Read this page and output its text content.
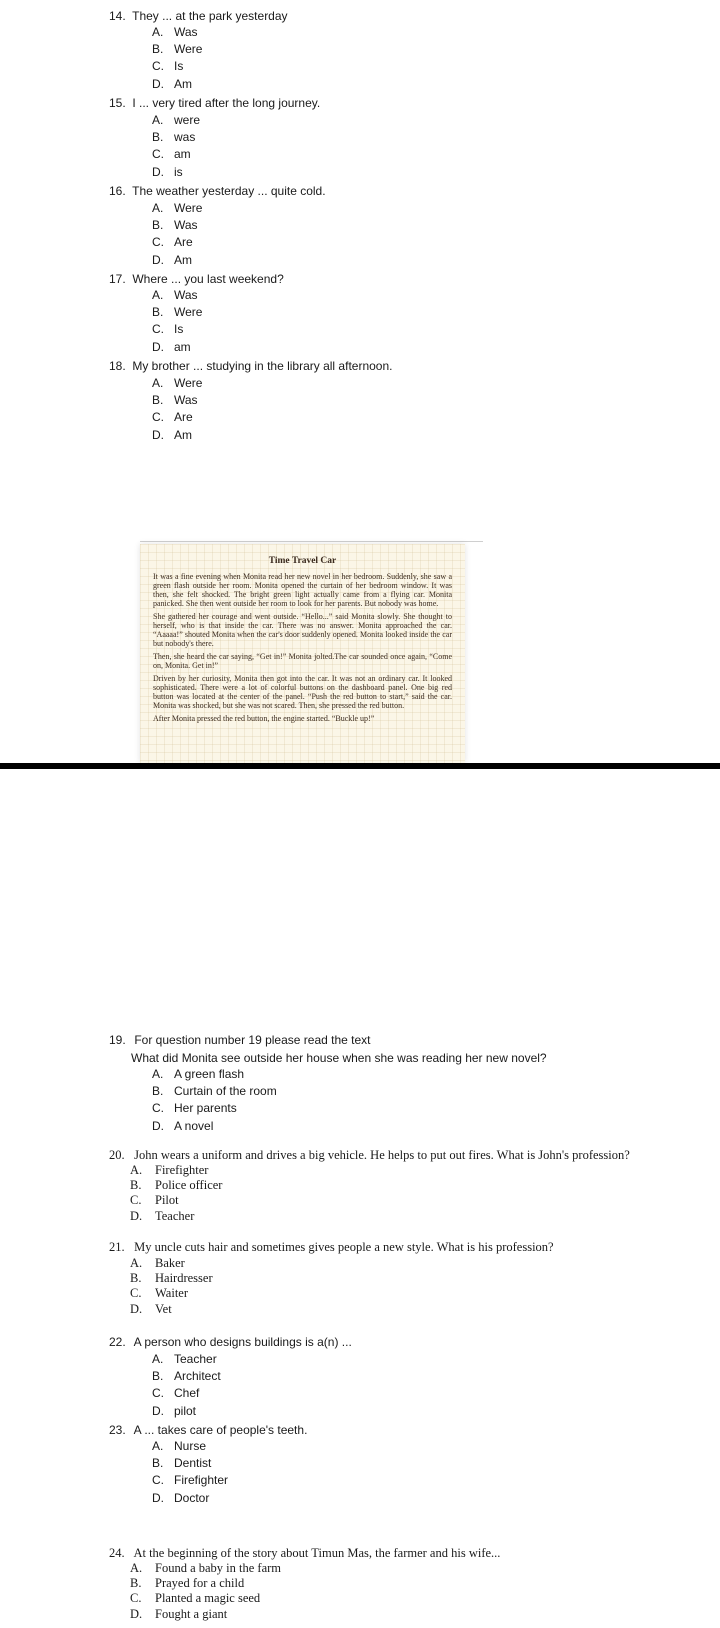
14. They ... at the park yesterday
A. Was
B. Were
C. Is
D. Am
15. I ... very tired after the long journey.
A. were
B. was
C. am
D. is
16. The weather yesterday ... quite cold.
A. Were
B. Was
C. Are
D. Am
17. Where ... you last weekend?
A. Was
B. Were
C. Is
D. am
18. My brother ... studying in the library all afternoon.
A. Were
B. Was
C. Are
D. Am
Time Travel Car

It was a fine evening when Monita read her new novel in her bedroom. Suddenly, she saw a green flash outside her room. Monita opened the curtain of her bedroom window. It was then, she felt shocked. The bright green light actually came from a flying car. Monita panicked. She then went outside her room to look for her parents. But nobody was home.

She gathered her courage and went outside. “Hello...” said Monita slowly. She thought to herself, who is that inside the car. There was no answer. Monita approached the car. “Aaaaa!” shouted Monita when the car's door suddenly opened. Monita looked inside the car but nobody's there.

Then, she heard the car saying, “Get in!” Monita jolted.The car sounded once again, “Come on, Monita. Get in!”

Driven by her curiosity, Monita then got into the car. It was not an ordinary car. It looked sophisticated. There were a lot of colorful buttons on the dashboard panel. One big red button was located at the center of the panel. “Push the red button to start,” said the car. Monita was shocked, but she was not scared. Then, she pressed the red button.

After Monita pressed the red button, the engine started. “Buckle up!”

19. For question number 19 please read the text
What did Monita see outside her house when she was reading her new novel?
A. A green flash
B. Curtain of the room
C. Her parents
D. A novel
20. John wears a uniform and drives a big vehicle. He helps to put out fires. What is John's profession?
A. Firefighter
B. Police officer
C. Pilot
D. Teacher
21. My uncle cuts hair and sometimes gives people a new style. What is his profession?
A. Baker
B. Hairdresser
C. Waiter
D. Vet
22. A person who designs buildings is a(n) ...
A. Teacher
B. Architect
C. Chef
D. pilot
23. A ... takes care of people's teeth.
A. Nurse
B. Dentist
C. Firefighter
D. Doctor
24. At the beginning of the story about Timun Mas, the farmer and his wife...
A. Found a baby in the farm
B. Prayed for a child
C. Planted a magic seed
D. Fought a giant
